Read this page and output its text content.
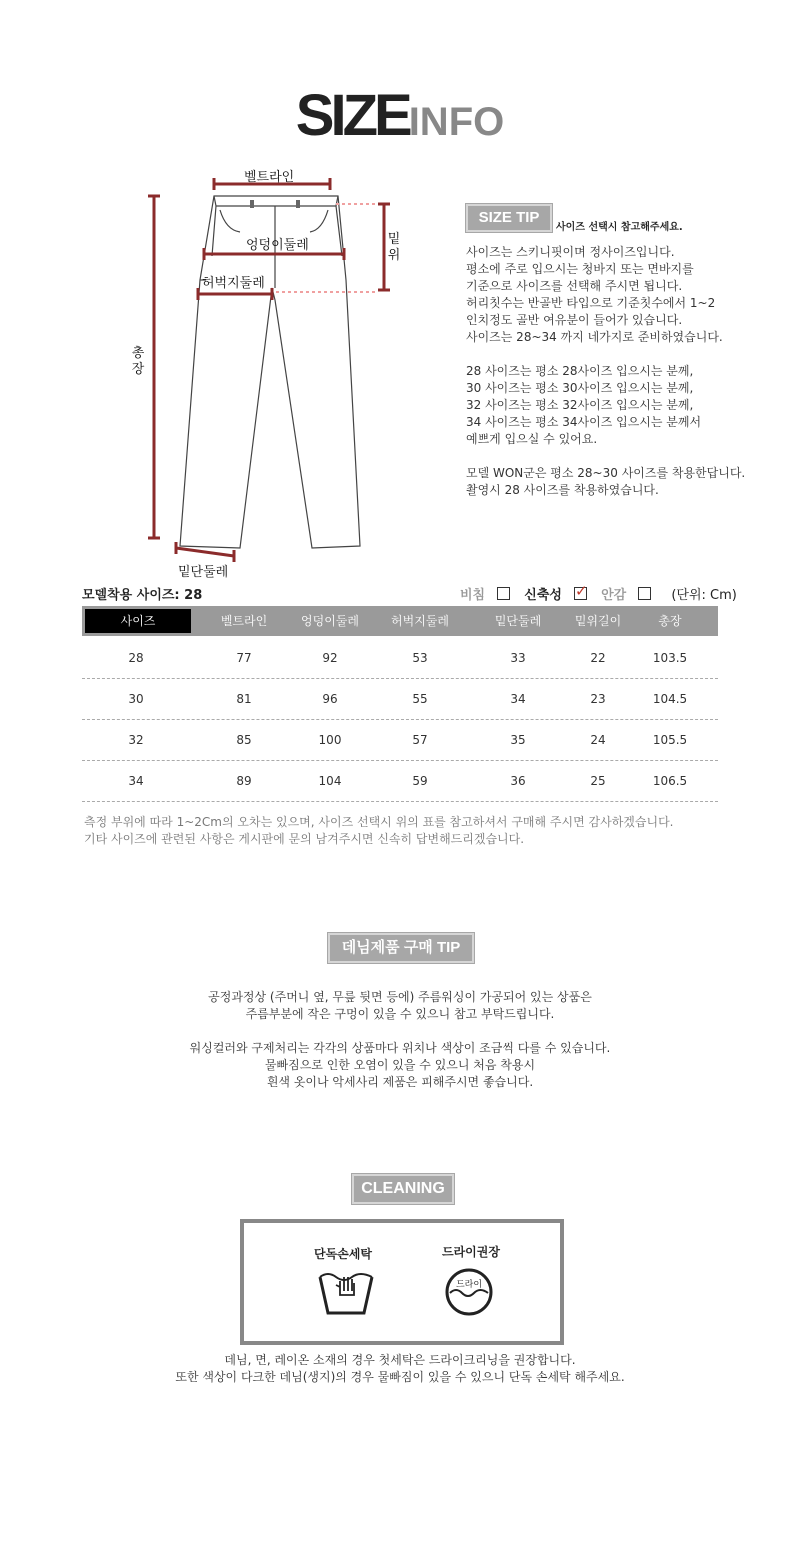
SIZEINFO
벨트라인
엉덩이둘레
허벅지둘레
밑단둘레
총
장
밑
위
SIZE TIP
사이즈 선택시 참고해주세요.
사이즈는 스키니핏이며 정사이즈입니다.
평소에 주로 입으시는 청바지 또는 면바지를
기준으로 사이즈를 선택해 주시면 됩니다.
허리칫수는 반골반 타입으로 기준칫수에서 1~2
인치정도 골반 여유분이 들어가 있습니다.
사이즈는 28~34 까지 네가지로 준비하였습니다.
28 사이즈는 평소 28사이즈 입으시는 분께,
30 사이즈는 평소 30사이즈 입으시는 분께,
32 사이즈는 평소 32사이즈 입으시는 분께,
34 사이즈는 평소 34사이즈 입으시는 분께서
예쁘게 입으실 수 있어요.
모델 WON군은 평소 28~30 사이즈를 착용한답니다.
촬영시 28 사이즈를 착용하였습니다.
모델착용 사이즈: 28	비침	신축성 ✓ 안감	(단위: Cm)
사이즈	벨트라인	엉덩이둘레	허벅지둘레	밑단둘레	밑위길이	총장
28	77	92	53	33	22	103.5
30	81	96	55	34	23	104.5
32	85	100	57	35	24	105.5
34	89	104	59	36	25	106.5
측정 부위에 따라 1~2Cm의 오차는 있으며, 사이즈 선택시 위의 표를 참고하셔서 구매해 주시면 감사하겠습니다.
기타 사이즈에 관련된 사항은 게시판에 문의 남겨주시면 신속히 답변해드리겠습니다.
데님제품 구매 TIP
공정과정상 (주머니 옆, 무릎 뒷면 등에) 주름워싱이 가공되어 있는 상품은
주름부분에 작은 구멍이 있을 수 있으니 참고 부탁드립니다.
워싱컬러와 구제처리는 각각의 상품마다 위치나 색상이 조금씩 다를 수 있습니다.
물빠짐으로 인한 오염이 있을 수 있으니 처음 착용시
흰색 옷이나 악세사리 제품은 피해주시면 좋습니다.
CLEANING
단독손세탁	드라이권장
드라이
데님, 면, 레이온 소재의 경우 첫세탁은 드라이크리닝을 권장합니다.
또한 색상이 다크한 데님(생지)의 경우 물빠짐이 있을 수 있으니 단독 손세탁 해주세요.
